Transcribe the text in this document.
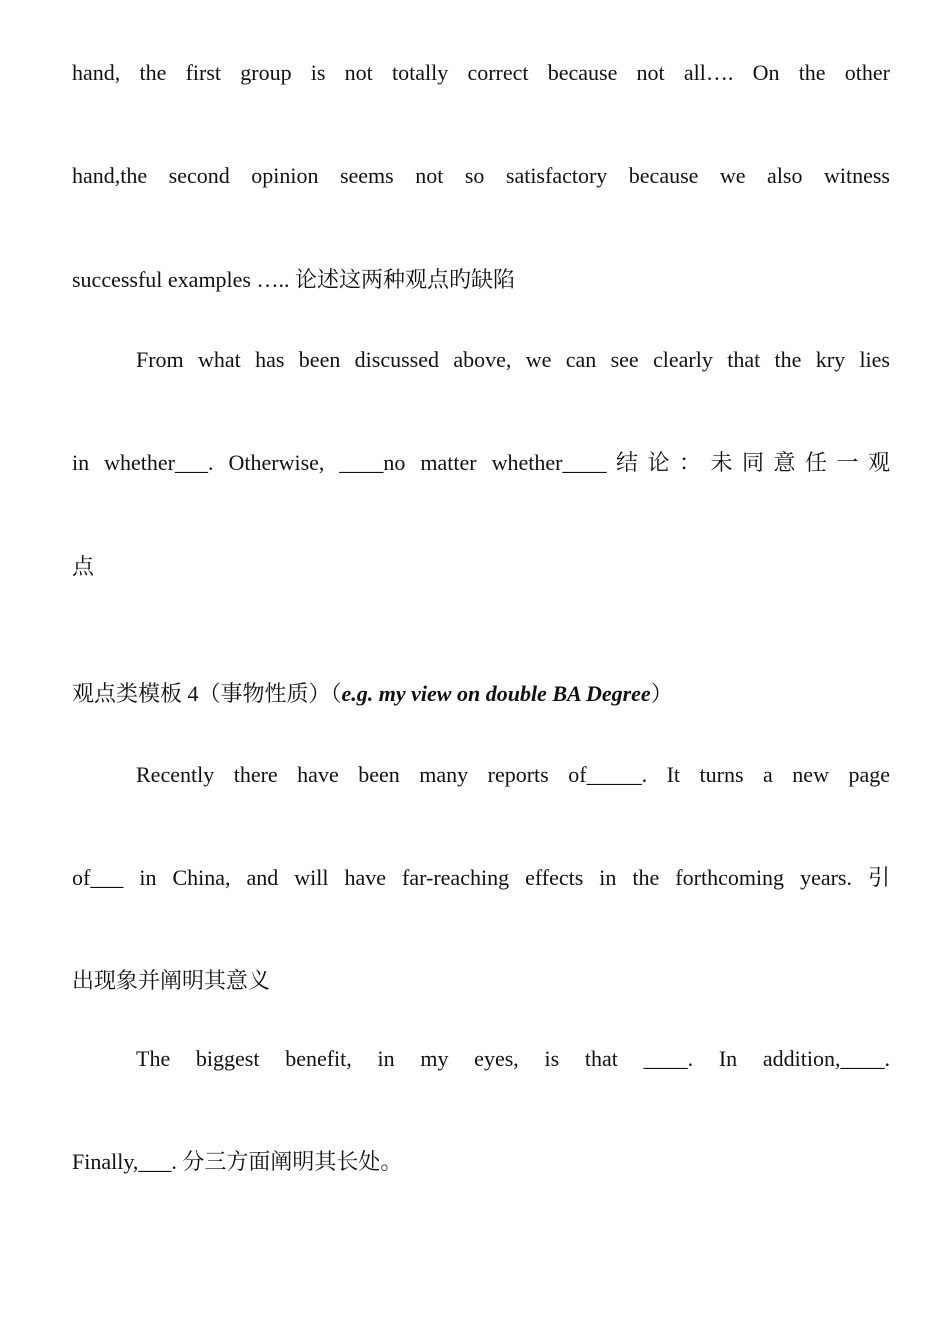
hand, the first group is not totally correct because not all…. On the other
hand,the second opinion seems not so satisfactory because we also witness
successful examples ….. 论述这两种观点旳缺陷
From what has been discussed above, we can see clearly that the kry lies
in whether___. Otherwise, ____no matter whether____结论：未同意任一观
点
观点类模板 4（事物性质）（e.g. my view on double BA Degree）
Recently there have been many reports of_____. It turns a new page
of___ in China, and will have far-reaching effects in the forthcoming years. 引
出现象并阐明其意义
The biggest benefit, in my eyes, is that ____. In addition,____.
Finally,___. 分三方面阐明其长处。
